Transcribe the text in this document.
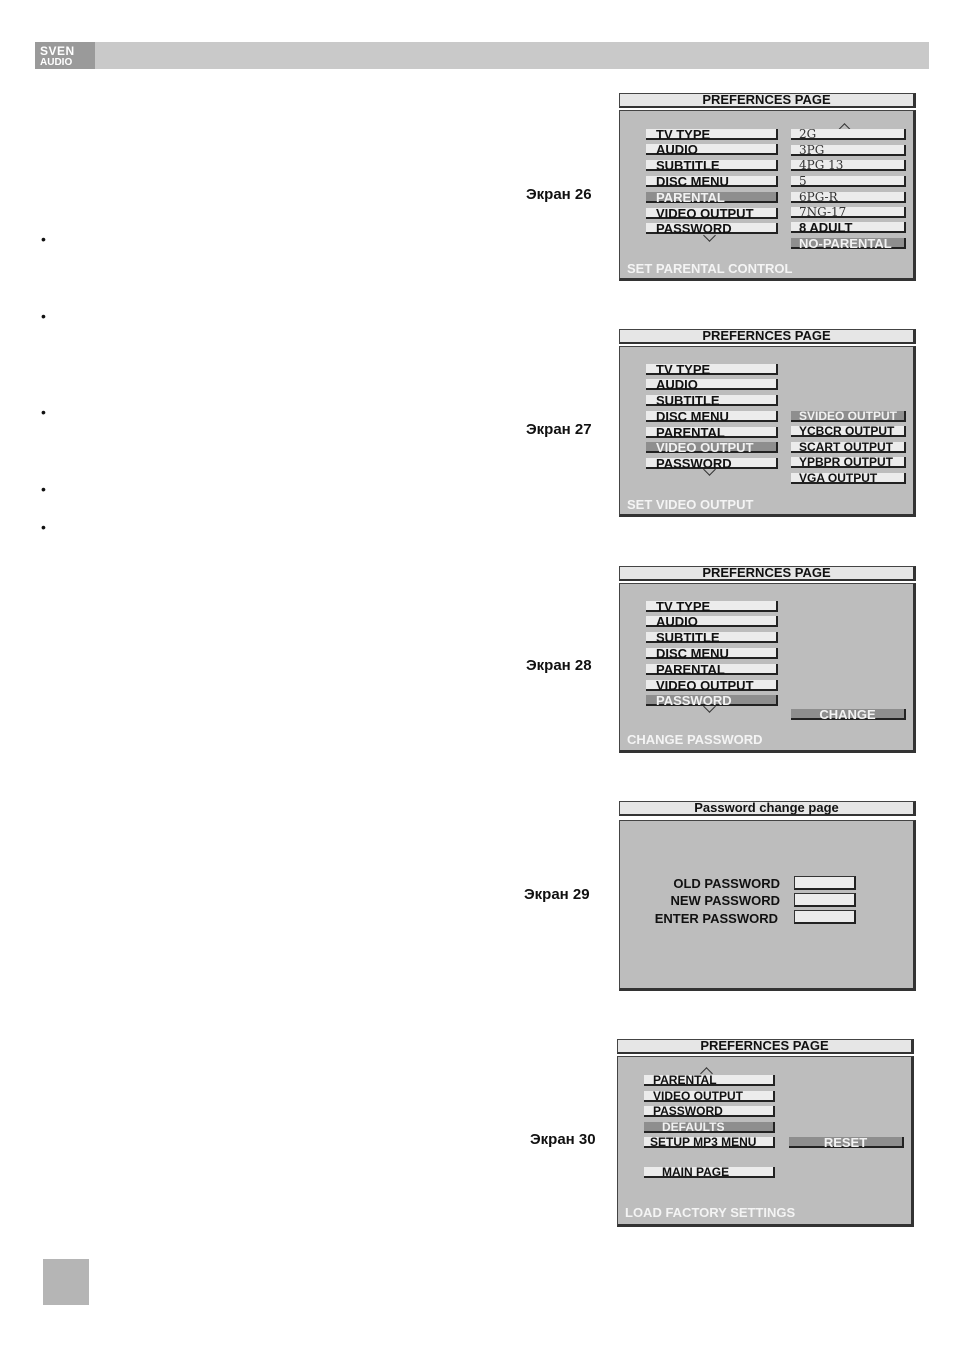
SVEN
AUDIO
•
•
•
•
•
Экран 26
PREFERNCES PAGE
TV TYPE
AUDIO
SUBTITLE
DISC MENU
PARENTAL
VIDEO OUTPUT
PASSWORD
2G
3PG
4PG 13
5
6PG-R
7NG-17
8 ADULT
NO-PARENTAL
SET PARENTAL CONTROL
Экран 27
PREFERNCES PAGE
TV TYPE
AUDIO
SUBTITLE
DISC MENU
PARENTAL
VIDEO OUTPUT
PASSWORD
SVIDEO OUTPUT
YCBCR OUTPUT
SCART OUTPUT
YPBPR OUTPUT
VGA OUTPUT
SET VIDEO OUTPUT
Экран 28
PREFERNCES PAGE
TV TYPE
AUDIO
SUBTITLE
DISC MENU
PARENTAL
VIDEO OUTPUT
PASSWORD
CHANGE
CHANGE PASSWORD
Экран 29
Password change page
OLD PASSWORD
NEW PASSWORD
ENTER PASSWORD
Экран 30
PREFERNCES PAGE
PARENTAL
VIDEO OUTPUT
PASSWORD
DEFAULTS
SETUP MP3 MENU
MAIN PAGE
RESET
LOAD FACTORY SETTINGS
